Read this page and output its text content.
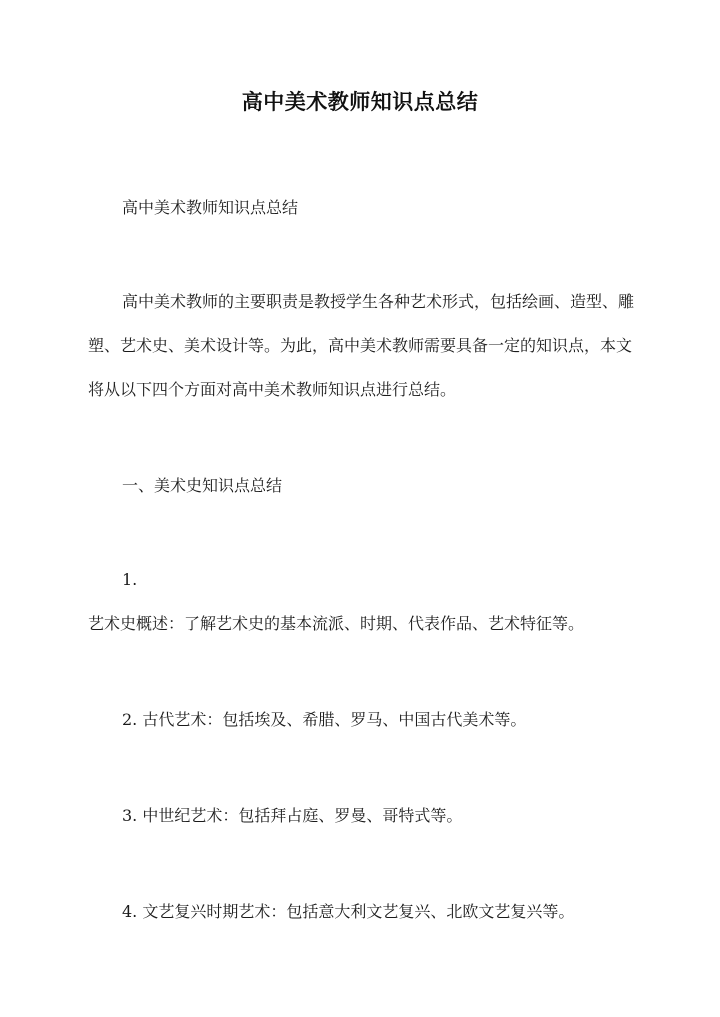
高中美术教师知识点总结
高中美术教师知识点总结
高中美术教师的主要职责是教授学生各种艺术形式，包括绘画、造型、雕塑、艺术史、美术设计等。为此，高中美术教师需要具备一定的知识点，本文将从以下四个方面对高中美术教师知识点进行总结。
一、美术史知识点总结
1.
艺术史概述：了解艺术史的基本流派、时期、代表作品、艺术特征等。
2. 古代艺术：包括埃及、希腊、罗马、中国古代美术等。
3. 中世纪艺术：包括拜占庭、罗曼、哥特式等。
4. 文艺复兴时期艺术：包括意大利文艺复兴、北欧文艺复兴等。
